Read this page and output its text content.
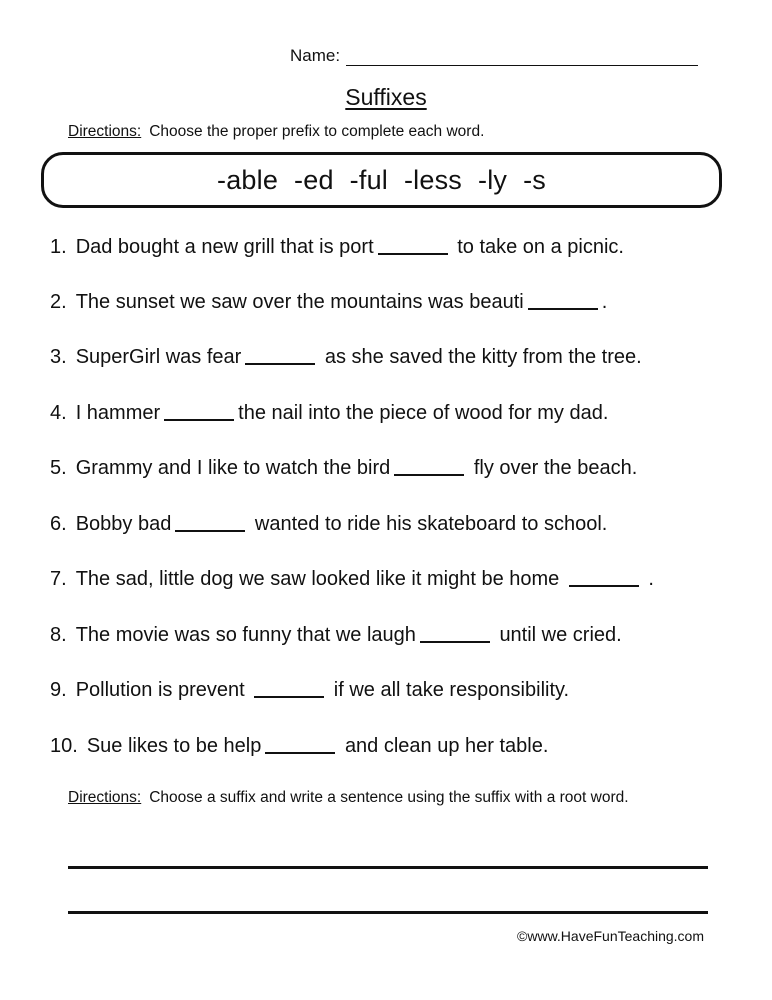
Name:
Suffixes
Directions: Choose the proper prefix to complete each word.
-able -ed -ful -less -ly -s
1. Dad bought a new grill that is port	to take on a picnic.
2. The sunset we saw over the mountains was beauti	.
3. SuperGirl was fear	as she saved the kitty from the tree.
4. I hammer	the nail into the piece of wood for my dad.
5. Grammy and I like to watch the bird	fly over the beach.
6. Bobby bad	wanted to ride his skateboard to school.
7. The sad, little dog we saw looked like it might be home	.
8. The movie was so funny that we laugh	until we cried.
9. Pollution is prevent	if we all take responsibility.
10. Sue likes to be help	and clean up her table.
Directions: Choose a suffix and write a sentence using the suffix with a root word.
©www.HaveFunTeaching.com
